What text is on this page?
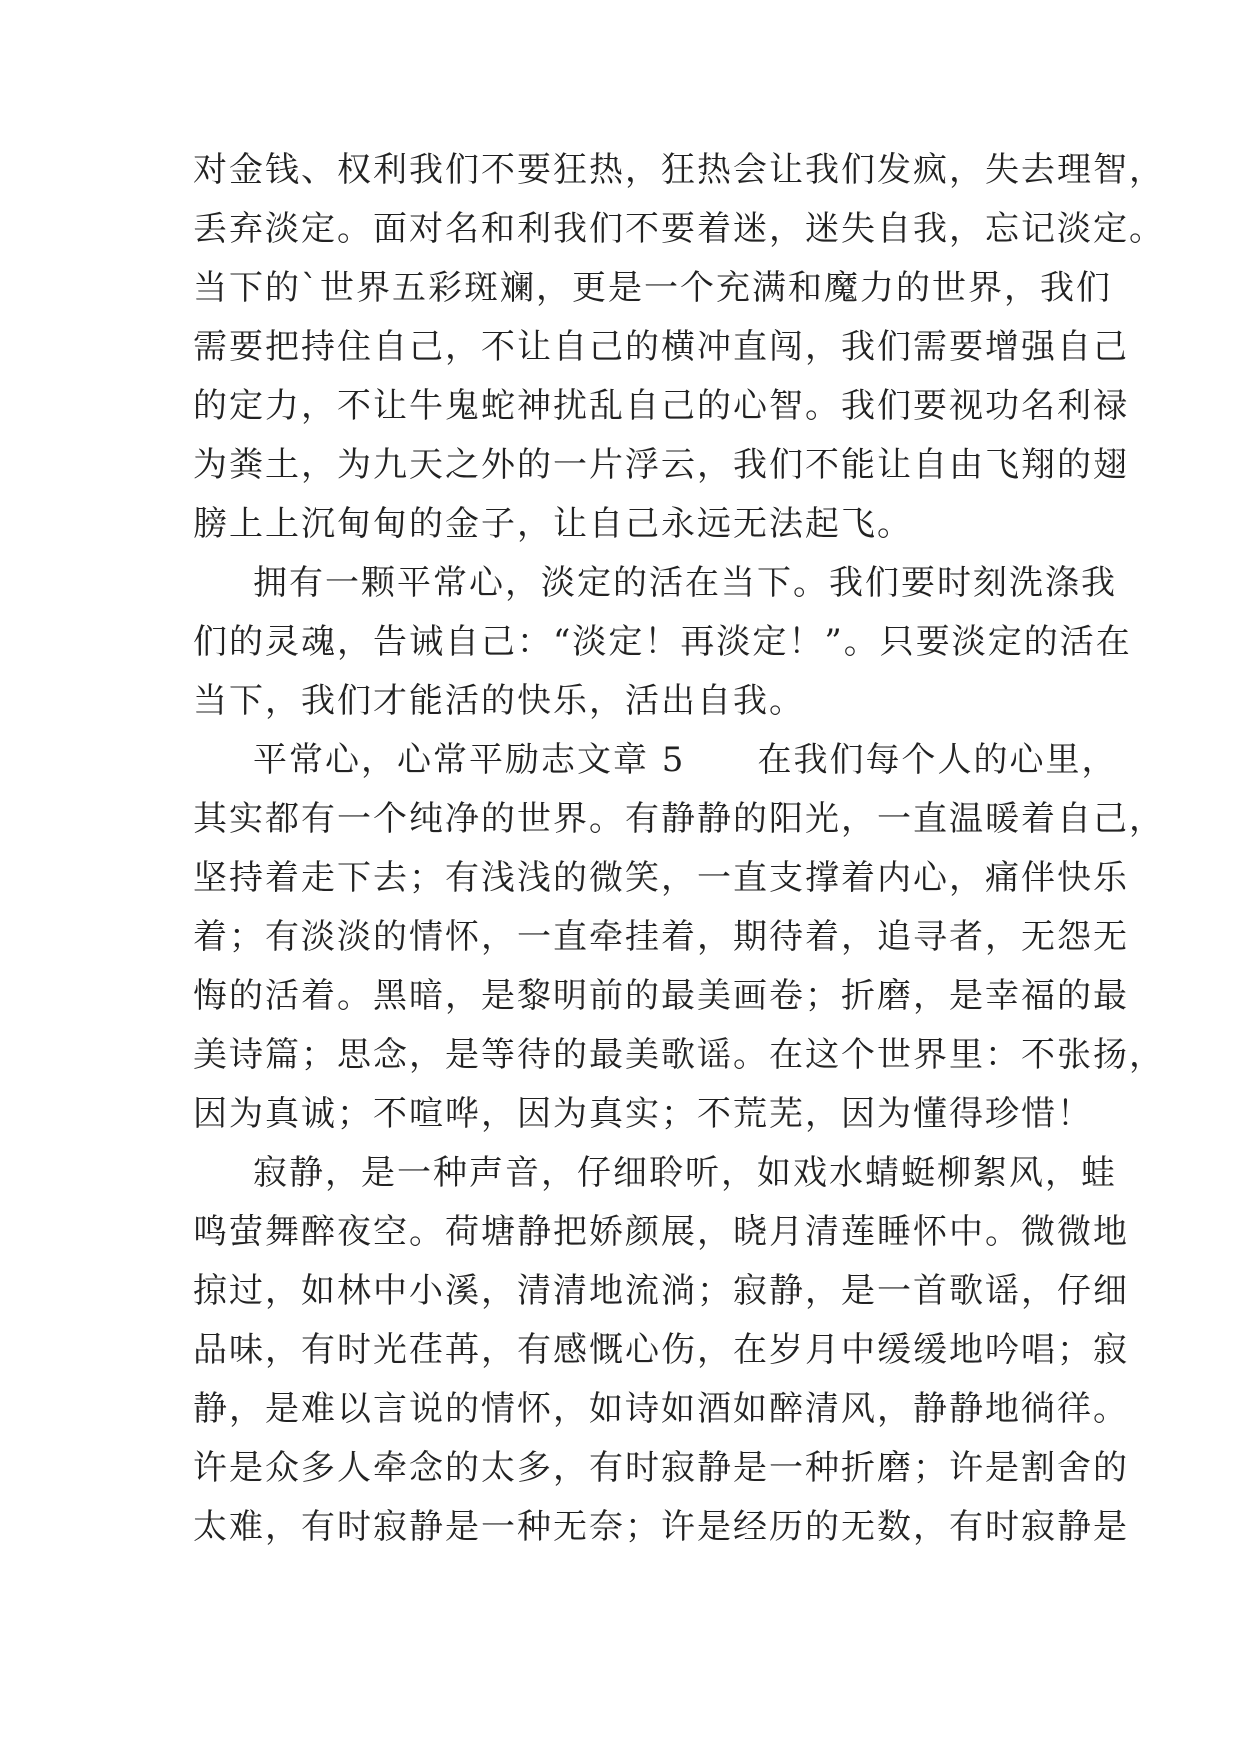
对金钱、权利我们不要狂热，狂热会让我们发疯，失去理智，

丢弃淡定。面对名和利我们不要着迷，迷失自我，忘记淡定。

当下的`世界五彩斑斓，更是一个充满和魔力的世界，我们

需要把持住自己，不让自己的横冲直闯，我们需要增强自己

的定力，不让牛鬼蛇神扰乱自己的心智。我们要视功名利禄

为粪土，为九天之外的一片浮云，我们不能让自由飞翔的翅

膀上上沉甸甸的金子，让自己永远无法起飞。

拥有一颗平常心，淡定的活在当下。我们要时刻洗涤我

们的灵魂，告诫自己：“淡定！再淡定！”。只要淡定的活在

当下，我们才能活的快乐，活出自我。

平常心，心常平励志文章 5　　在我们每个人的心里，

其实都有一个纯净的世界。有静静的阳光，一直温暖着自己，

坚持着走下去；有浅浅的微笑，一直支撑着内心，痛伴快乐

着；有淡淡的情怀，一直牵挂着，期待着，追寻者，无怨无

悔的活着。黑暗，是黎明前的最美画卷；折磨，是幸福的最

美诗篇；思念，是等待的最美歌谣。在这个世界里：不张扬，

因为真诚；不喧哗，因为真实；不荒芜，因为懂得珍惜！

寂静，是一种声音，仔细聆听，如戏水蜻蜓柳絮风，蛙

鸣萤舞醉夜空。荷塘静把娇颜展，晓月清莲睡怀中。微微地

掠过，如林中小溪，清清地流淌；寂静，是一首歌谣，仔细

品味，有时光荏苒，有感慨心伤，在岁月中缓缓地吟唱；寂

静，是难以言说的情怀，如诗如酒如醉清风，静静地徜徉。

许是众多人牵念的太多，有时寂静是一种折磨；许是割舍的

太难，有时寂静是一种无奈；许是经历的无数，有时寂静是
